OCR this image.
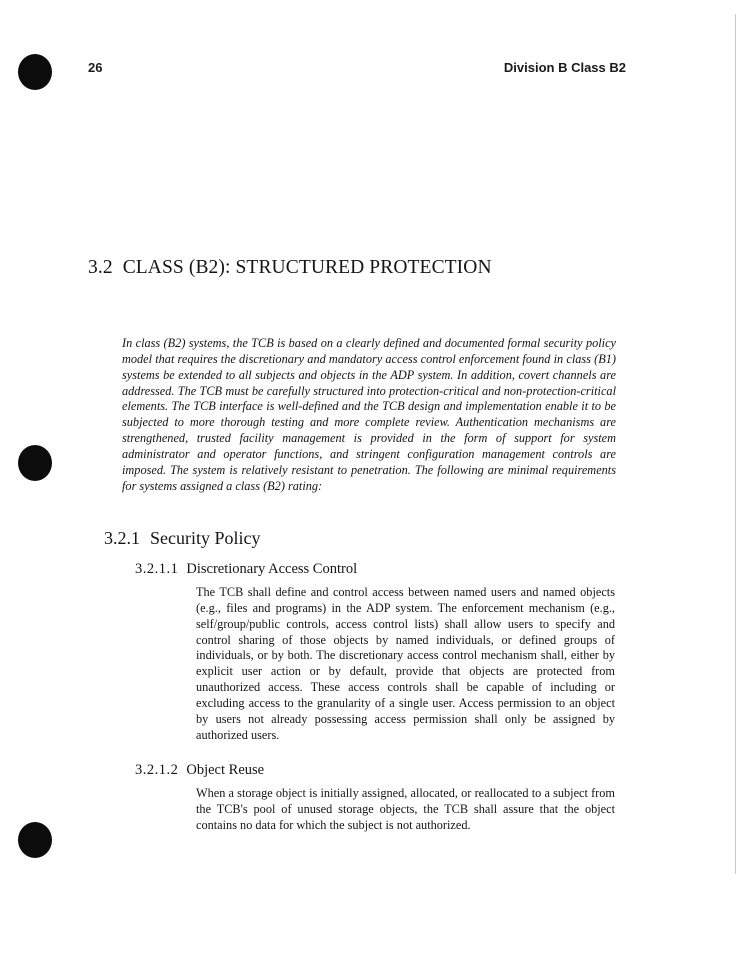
26	Division B Class B2
3.2 CLASS (B2): STRUCTURED PROTECTION

In class (B2) systems, the TCB is based on a clearly defined and documented formal security policy model that requires the discretionary and mandatory access control enforcement found in class (B1) systems be extended to all subjects and objects in the ADP system. In addition, covert channels are addressed. The TCB must be carefully structured into protection-critical and non-protection-critical elements. The TCB interface is well-defined and the TCB design and implementation enable it to be subjected to more thorough testing and more complete review. Authentication mechanisms are strengthened, trusted facility management is provided in the form of support for system administrator and operator functions, and stringent configuration management controls are imposed. The system is relatively resistant to penetration. The following are minimal requirements for systems assigned a class (B2) rating:

3.2.1 Security Policy
3.2.1.1 Discretionary Access Control

The TCB shall define and control access between named users and named objects (e.g., files and programs) in the ADP system. The enforcement mechanism (e.g., self/group/public controls, access control lists) shall allow users to specify and control sharing of those objects by named individuals, or defined groups of individuals, or by both. The discretionary access control mechanism shall, either by explicit user action or by default, provide that objects are protected from unauthorized access. These access controls shall be capable of including or excluding access to the granularity of a single user. Access permission to an object by users not already possessing access permission shall only be assigned by authorized users.

3.2.1.2 Object Reuse

When a storage object is initially assigned, allocated, or reallocated to a subject from the TCB's pool of unused storage objects, the TCB shall assure that the object contains no data for which the subject is not authorized.
